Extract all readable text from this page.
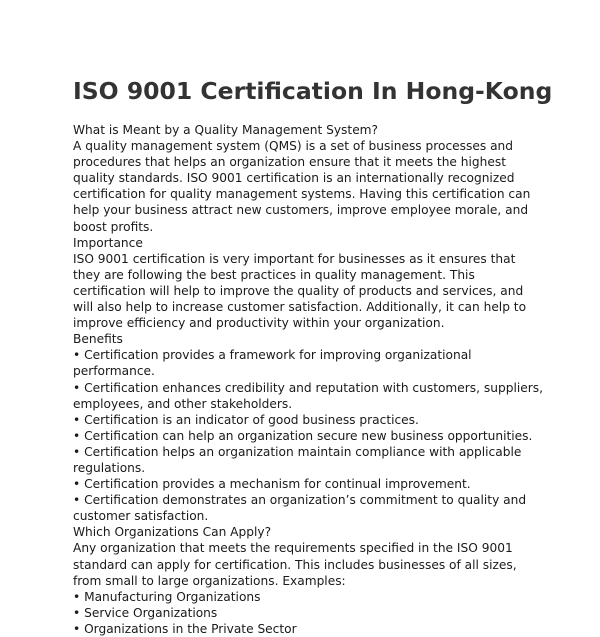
ISO 9001 Certification In Hong-Kong

What is Meant by a Quality Management System?

A quality management system (QMS) is a set of business processes and procedures that helps an organization ensure that it meets the highest quality standards. ISO 9001 certification is an internationally recognized certification for quality management systems. Having this certification can help your business attract new customers, improve employee morale, and boost profits.

Importance

ISO 9001 certification is very important for businesses as it ensures that they are following the best practices in quality management. This certification will help to improve the quality of products and services, and will also help to increase customer satisfaction. Additionally, it can help to improve efficiency and productivity within your organization.

Benefits

• Certification provides a framework for improving organizational performance.
• Certification enhances credibility and reputation with customers, suppliers, employees, and other stakeholders.
• Certification is an indicator of good business practices.
• Certification can help an organization secure new business opportunities.
• Certification helps an organization maintain compliance with applicable regulations.
• Certification provides a mechanism for continual improvement.
• Certification demonstrates an organization’s commitment to quality and customer satisfaction.

Which Organizations Can Apply?

Any organization that meets the requirements specified in the ISO 9001 standard can apply for certification. This includes businesses of all sizes, from small to large organizations. Examples:

• Manufacturing Organizations
• Service Organizations
• Organizations in the Private Sector
